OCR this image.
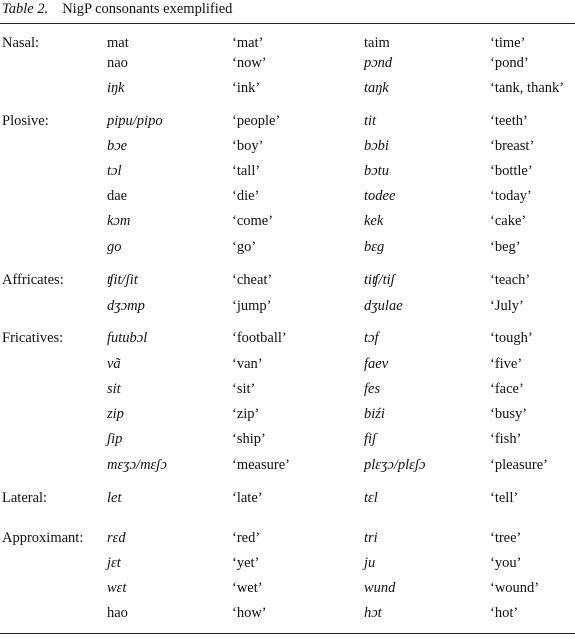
Table 2. NigP consonants exemplified
Nasal:	mat	‘mat’	taim	‘time’
nao	‘now’	pɔnd	‘pond’
iŋk	‘ink’	taŋk	‘tank, thank’
Plosive:	pipu/pipo	‘people’	tit	‘teeth’
bɔe	‘boy’	bɔbi	‘breast’
tɔl	‘tall’	bɔtu	‘bottle’
dae	‘die’	todee	‘today’
kɔm	‘come’	kek	‘cake’
go	‘go’	bɛg	‘beg’
Affricates:	ʧit/ʃit	‘cheat’	tiʧ/tiʃ	‘teach’
dʒɔmp	‘jump’	dʒulae	‘July’
Fricatives:	futubɔl	‘football’	tɔf	‘tough’
vã	‘van’	faev	‘five’
sit	‘sit’	fes	‘face’
zip	‘zip’	biźi	‘busy’
ʃip	‘ship’	fiʃ	‘fish’
mɛʒɔ/mɛʃɔ	‘measure’	plɛʒɔ/plɛʃɔ	‘pleasure’
Lateral:	let	‘late’	tɛl	‘tell’
Approximant: rɛd	‘red’	tri	‘tree’
jɛt	‘yet’	ju	‘you’
wɛt	‘wet’	wund	‘wound’
hao	‘how’	hɔt	‘hot’
